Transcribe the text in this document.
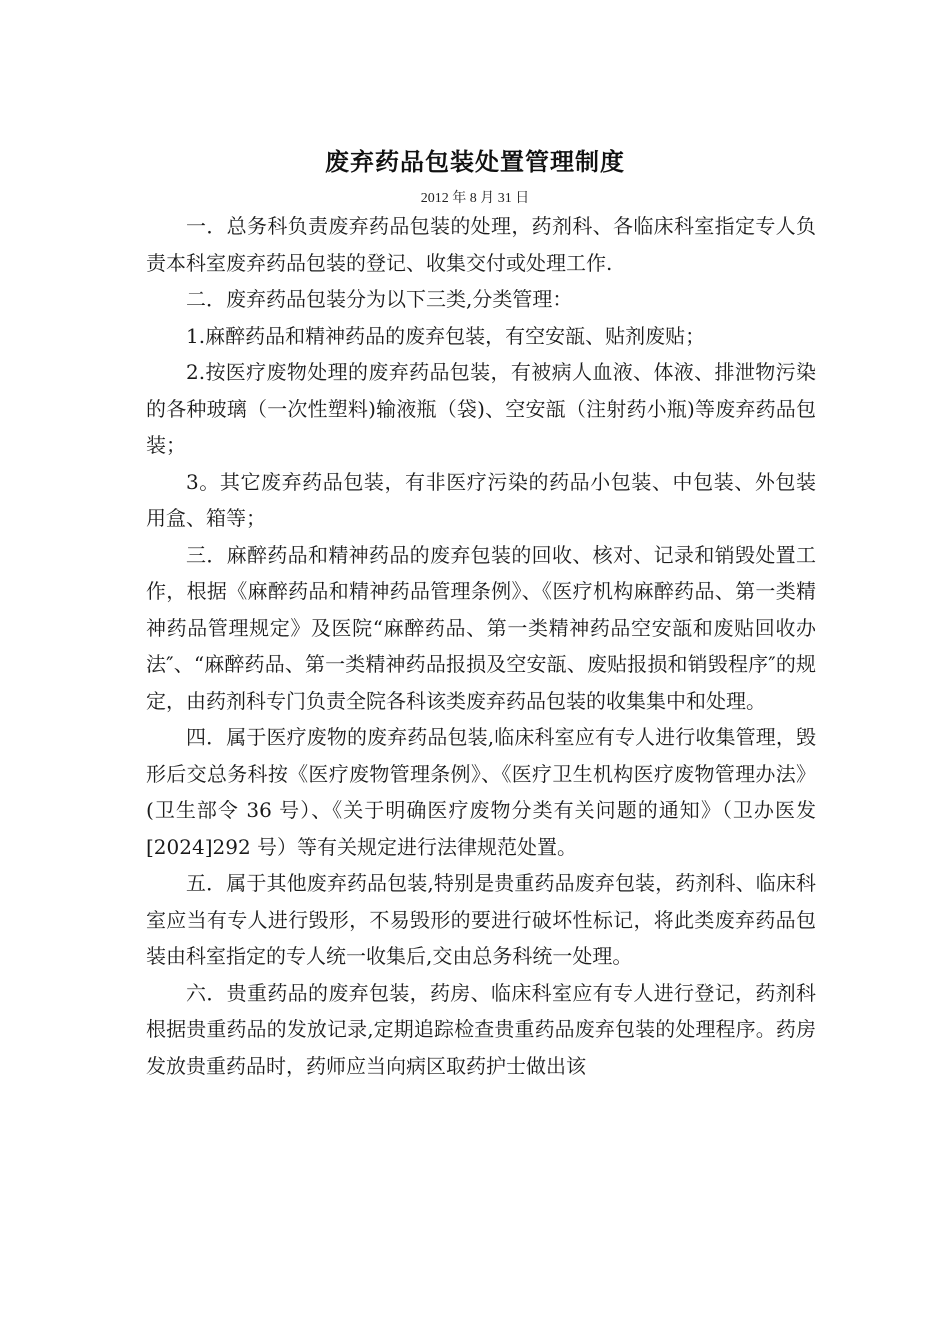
废弃药品包装处置管理制度
2012 年 8 月 31 日

一．总务科负责废弃药品包装的处理，药剂科、各临床科室指定专人负责本科室废弃药品包装的登记、收集交付或处理工作.

二．废弃药品包装分为以下三类,分类管理：

1.麻醉药品和精神药品的废弃包装，有空安瓿、贴剂废贴；

2.按医疗废物处理的废弃药品包装，有被病人血液、体液、排泄物污染的各种玻璃（一次性塑料)输液瓶（袋)、空安瓿（注射药小瓶)等废弃药品包装；

3。其它废弃药品包装，有非医疗污染的药品小包装、中包装、外包装用盒、箱等；

三．麻醉药品和精神药品的废弃包装的回收、核对、记录和销毁处置工作，根据《麻醉药品和精神药品管理条例》、《医疗机构麻醉药品、第一类精神药品管理规定》及医院“麻醉药品、第一类精神药品空安瓿和废贴回收办法″、“麻醉药品、第一类精神药品报损及空安瓿、废贴报损和销毁程序″的规定，由药剂科专门负责全院各科该类废弃药品包装的收集集中和处理。

四．属于医疗废物的废弃药品包装,临床科室应有专人进行收集管理，毁形后交总务科按《医疗废物管理条例》、《医疗卫生机构医疗废物管理办法》(卫生部令 36 号）、《关于明确医疗废物分类有关问题的通知》（卫办医发[2024]292 号）等有关规定进行法律规范处置。

五．属于其他废弃药品包装,特别是贵重药品废弃包装，药剂科、临床科室应当有专人进行毁形，不易毁形的要进行破坏性标记，将此类废弃药品包装由科室指定的专人统一收集后,交由总务科统一处理。

六．贵重药品的废弃包装，药房、临床科室应有专人进行登记，药剂科根据贵重药品的发放记录,定期追踪检查贵重药品废弃包装的处理程序。药房发放贵重药品时，药师应当向病区取药护士做出该
